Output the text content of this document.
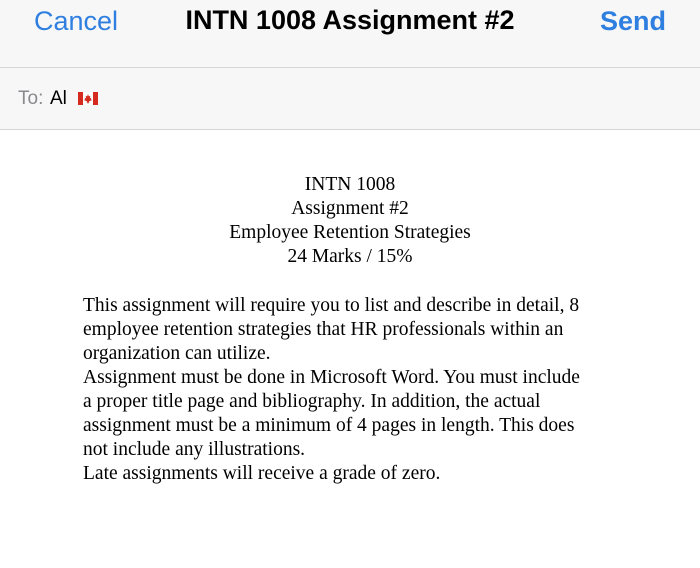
Cancel	INTN 1008 Assignment #2	Send
To: Al
INTN 1008
Assignment #2
Employee Retention Strategies
24 Marks / 15%
This assignment will require you to list and describe in detail, 8
employee retention strategies that HR professionals within an
organization can utilize.
Assignment must be done in Microsoft Word. You must include
a proper title page and bibliography. In addition, the actual
assignment must be a minimum of 4 pages in length. This does
not include any illustrations.
Late assignments will receive a grade of zero.
